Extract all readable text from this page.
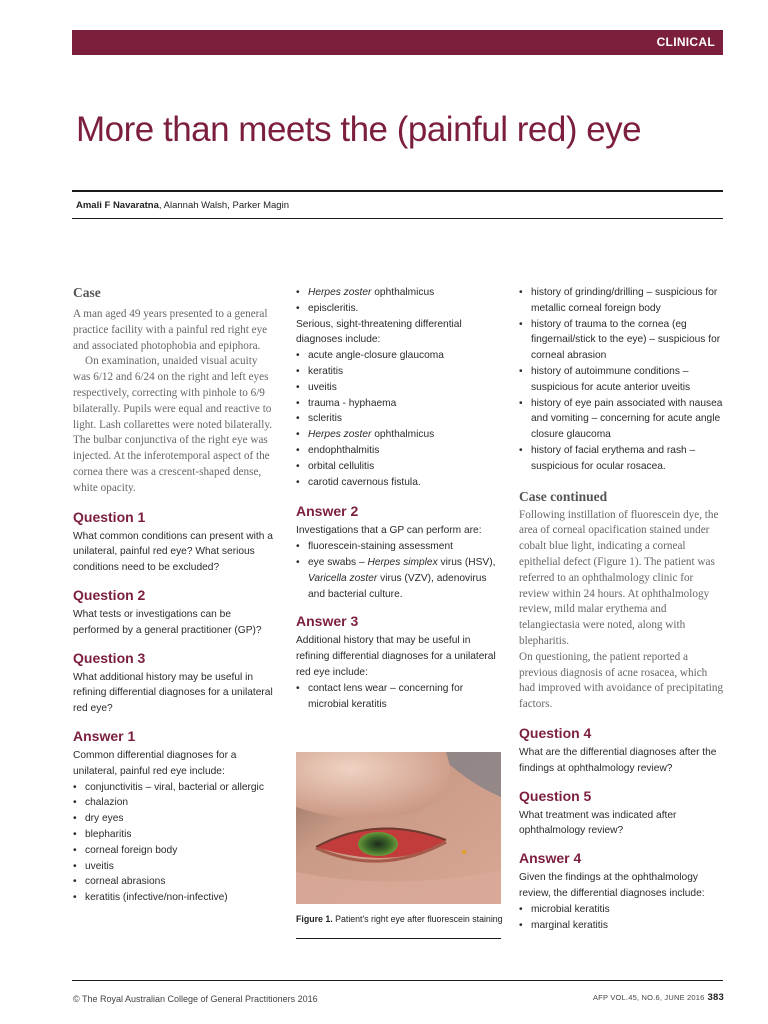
CLINICAL
More than meets the (painful red) eye
Amali F Navaratna, Alannah Walsh, Parker Magin
Case

A man aged 49 years presented to a general practice facility with a painful red right eye and associated photophobia and epiphora.

On examination, unaided visual acuity was 6/12 and 6/24 on the right and left eyes respectively, correcting with pinhole to 6/9 bilaterally. Pupils were equal and reactive to light. Lash collarettes were noted bilaterally. The bulbar conjunctiva of the right eye was injected. At the inferotemporal aspect of the cornea there was a crescent-shaped dense, white opacity.

Question 1

What common conditions can present with a unilateral, painful red eye? What serious conditions need to be excluded?

Question 2

What tests or investigations can be performed by a general practitioner (GP)?

Question 3

What additional history may be useful in refining differential diagnoses for a unilateral red eye?

Answer 1

Common differential diagnoses for a unilateral, painful red eye include:

• conjunctivitis – viral, bacterial or allergic
• chalazion
• dry eyes
• blepharitis
• corneal foreign body
• uveitis
• corneal abrasions
• keratitis (infective/non-infective)
• Herpes zoster ophthalmicus
• episcleritis.

Serious, sight-threatening differential diagnoses include:

• acute angle-closure glaucoma
• keratitis
• uveitis
• trauma - hyphaema
• scleritis
• Herpes zoster ophthalmicus
• endophthalmitis
• orbital cellulitis
• carotid cavernous fistula.
Answer 2

Investigations that a GP can perform are:

• fluorescein-staining assessment
• eye swabs – Herpes simplex virus (HSV), Varicella zoster virus (VZV), adenovirus and bacterial culture.
Answer 3

Additional history that may be useful in refining differential diagnoses for a unilateral red eye include:

• contact lens wear – concerning for microbial keratitis
Figure 1. Patient's right eye after fluorescein staining
• history of grinding/drilling – suspicious for metallic corneal foreign body
• history of trauma to the cornea (eg fingernail/stick to the eye) – suspicious for corneal abrasion
• history of autoimmune conditions – suspicious for acute anterior uveitis
• history of eye pain associated with nausea and vomiting – concerning for acute angle closure glaucoma
• history of facial erythema and rash – suspicious for ocular rosacea.
Case continued

Following instillation of fluorescein dye, the area of corneal opacification stained under cobalt blue light, indicating a corneal epithelial defect (Figure 1). The patient was referred to an ophthalmology clinic for review within 24 hours. At ophthalmology review, mild malar erythema and telangiectasia were noted, along with blepharitis.

On questioning, the patient reported a previous diagnosis of acne rosacea, which had improved with avoidance of precipitating factors.

Question 4

What are the differential diagnoses after the findings at ophthalmology review?

Question 5

What treatment was indicated after ophthalmology review?

Answer 4

Given the findings at the ophthalmology review, the differential diagnoses include:

• microbial keratitis
• marginal keratitis
© The Royal Australian College of General Practitioners 2016	AFP VOL.45, NO.6, JUNE 2016 383
